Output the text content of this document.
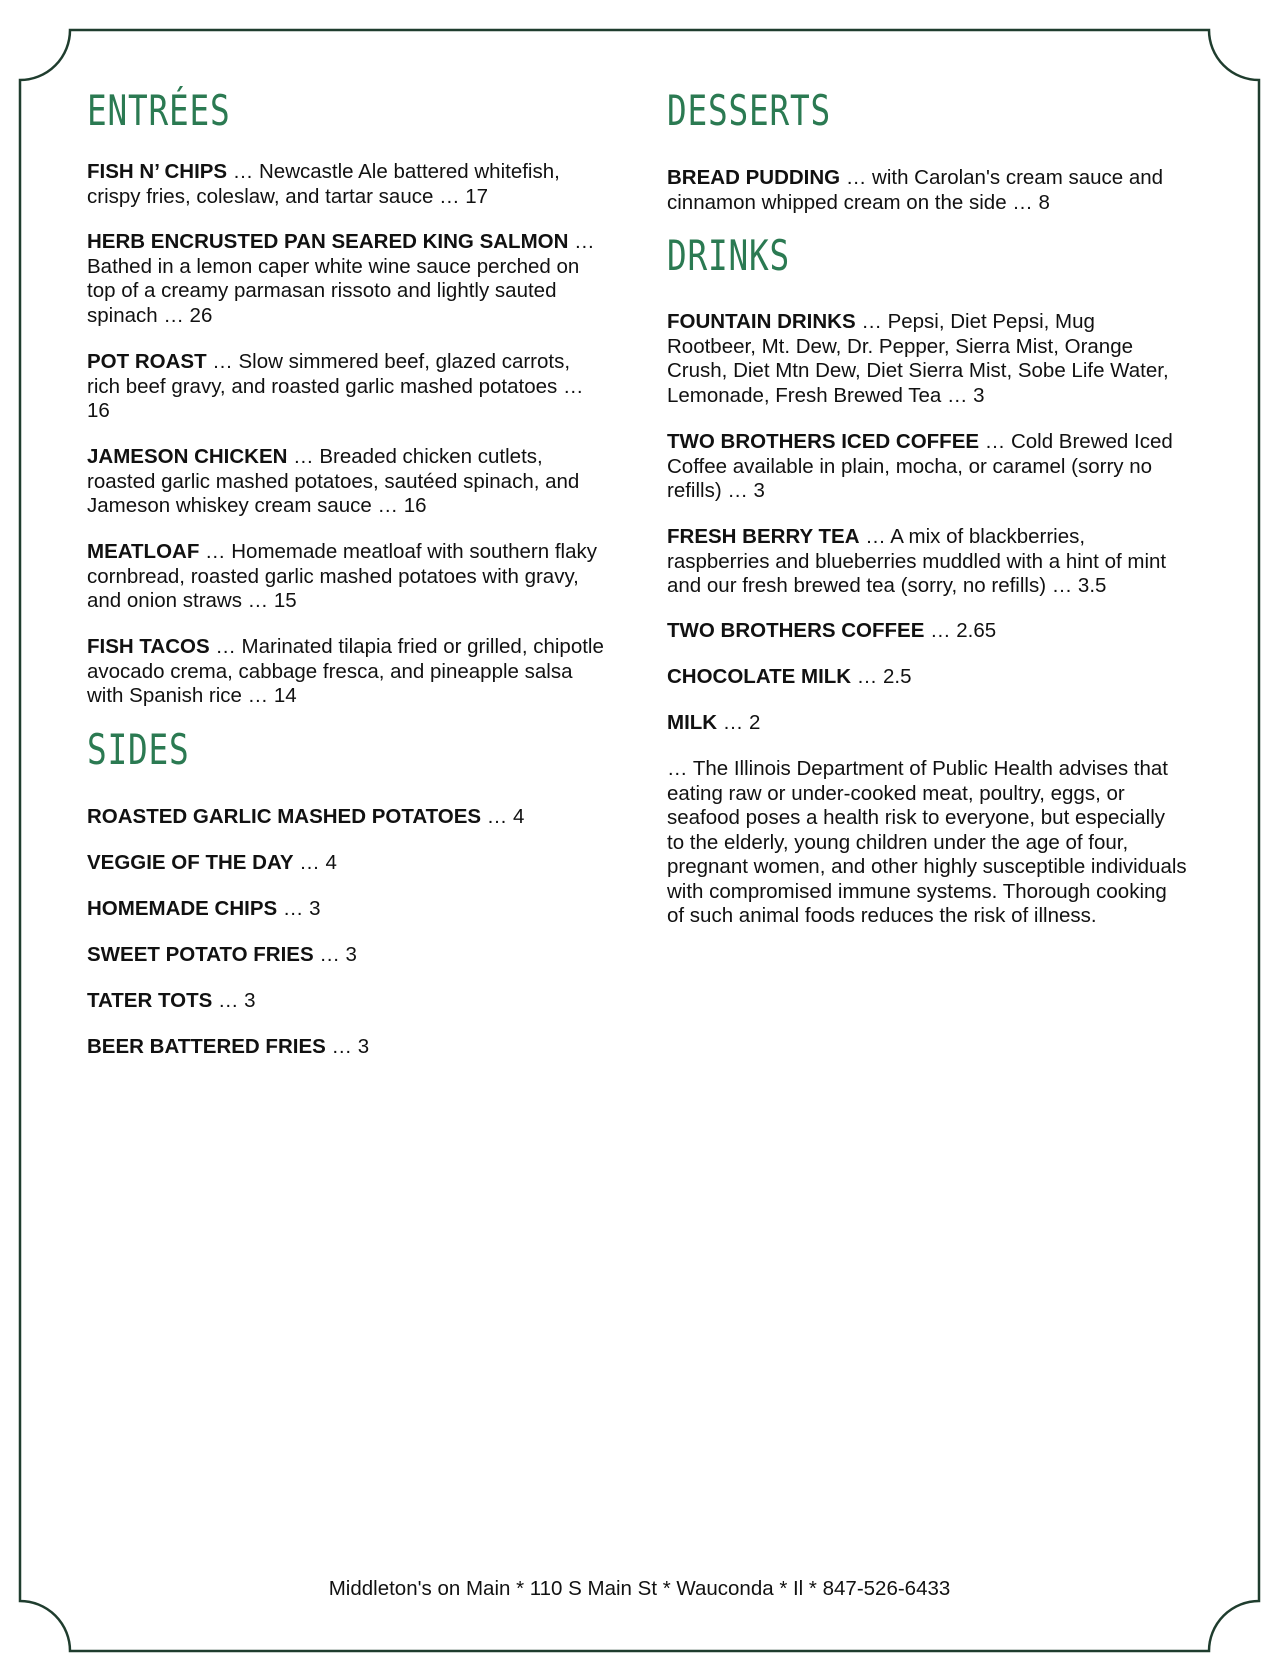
ENTRÉES

FISH N’ CHIPS … Newcastle Ale battered whitefish, crispy fries, coleslaw, and tartar sauce … 17

HERB ENCRUSTED PAN SEARED KING SALMON … Bathed in a lemon caper white wine sauce perched on top of a creamy parmasan rissoto and lightly sauted spinach … 26

POT ROAST … Slow simmered beef, glazed carrots, rich beef gravy, and roasted garlic mashed potatoes … 16

JAMESON CHICKEN … Breaded chicken cutlets, roasted garlic mashed potatoes, sautéed spinach, and Jameson whiskey cream sauce … 16

MEATLOAF … Homemade meatloaf with southern flaky cornbread, roasted garlic mashed potatoes with gravy, and onion straws … 15

FISH TACOS … Marinated tilapia fried or grilled, chipotle avocado crema, cabbage fresca, and pineapple salsa with Spanish rice … 14

SIDES

ROASTED GARLIC MASHED POTATOES … 4

VEGGIE OF THE DAY … 4

HOMEMADE CHIPS … 3

SWEET POTATO FRIES … 3

TATER TOTS … 3

BEER BATTERED FRIES … 3

DESSERTS

BREAD PUDDING … with Carolan's cream sauce and cinnamon whipped cream on the side … 8

DRINKS

FOUNTAIN DRINKS … Pepsi, Diet Pepsi, Mug Rootbeer, Mt. Dew, Dr. Pepper, Sierra Mist, Orange Crush, Diet Mtn Dew, Diet Sierra Mist, Sobe Life Water, Lemonade, Fresh Brewed Tea … 3

TWO BROTHERS ICED COFFEE … Cold Brewed Iced Coffee available in plain, mocha, or caramel (sorry no refills) … 3

FRESH BERRY TEA … A mix of blackberries, raspberries and blueberries muddled with a hint of mint and our fresh brewed tea (sorry, no refills) … 3.5

TWO BROTHERS COFFEE … 2.65

CHOCOLATE MILK … 2.5

MILK … 2

… The Illinois Department of Public Health advises that eating raw or under-cooked meat, poultry, eggs, or seafood poses a health risk to everyone, but especially to the elderly, young children under the age of four, pregnant women, and other highly susceptible individuals with compromised immune systems. Thorough cooking of such animal foods reduces the risk of illness.

Middleton's on Main * 110 S Main St * Wauconda * Il * 847-526-6433
